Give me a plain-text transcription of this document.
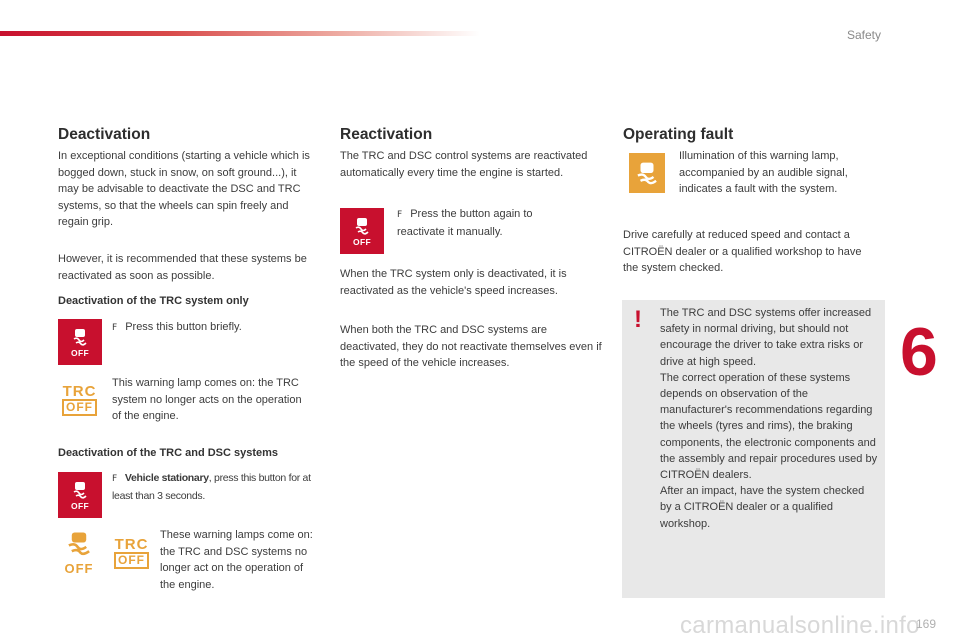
Safety
6
carmanualsonline.info
169
Deactivation

In exceptional conditions (starting a vehicle which is bogged down, stuck in snow, on soft ground...), it may be advisable to deactivate the DSC and TRC systems, so that the wheels can spin freely and regain grip.

However, it is recommended that these systems be reactivated as soon as possible.

Deactivation of the TRC system only
OFF

F Press this button briefly.

TRC
OFF

This warning lamp comes on: the TRC system no longer acts on the operation of the engine.

Deactivation of the TRC and DSC systems
OFF

F Vehicle stationary, press this button for at least than 3 seconds.

OFF
TRC
OFF

These warning lamps come on: the TRC and DSC systems no longer act on the operation of the engine.

Reactivation

The TRC and DSC control systems are reactivated automatically every time the engine is started.

OFF

F Press the button again to reactivate it manually.

When the TRC system only is deactivated, it is reactivated as the vehicle's speed increases.

When both the TRC and DSC systems are deactivated, they do not reactivate themselves even if the speed of the vehicle increases.

Operating fault

Illumination of this warning lamp, accompanied by an audible signal, indicates a fault with the system.

Drive carefully at reduced speed and contact a CITROËN dealer or a qualified workshop to have the system checked.

! The TRC and DSC systems offer increased safety in normal driving, but should not encourage the driver to take extra risks or drive at high speed.
The correct operation of these systems depends on observation of the manufacturer's recommendations regarding the wheels (tyres and rims), the braking components, the electronic components and the assembly and repair procedures used by CITROËN dealers.
After an impact, have the system checked by a CITROËN dealer or a qualified workshop.
